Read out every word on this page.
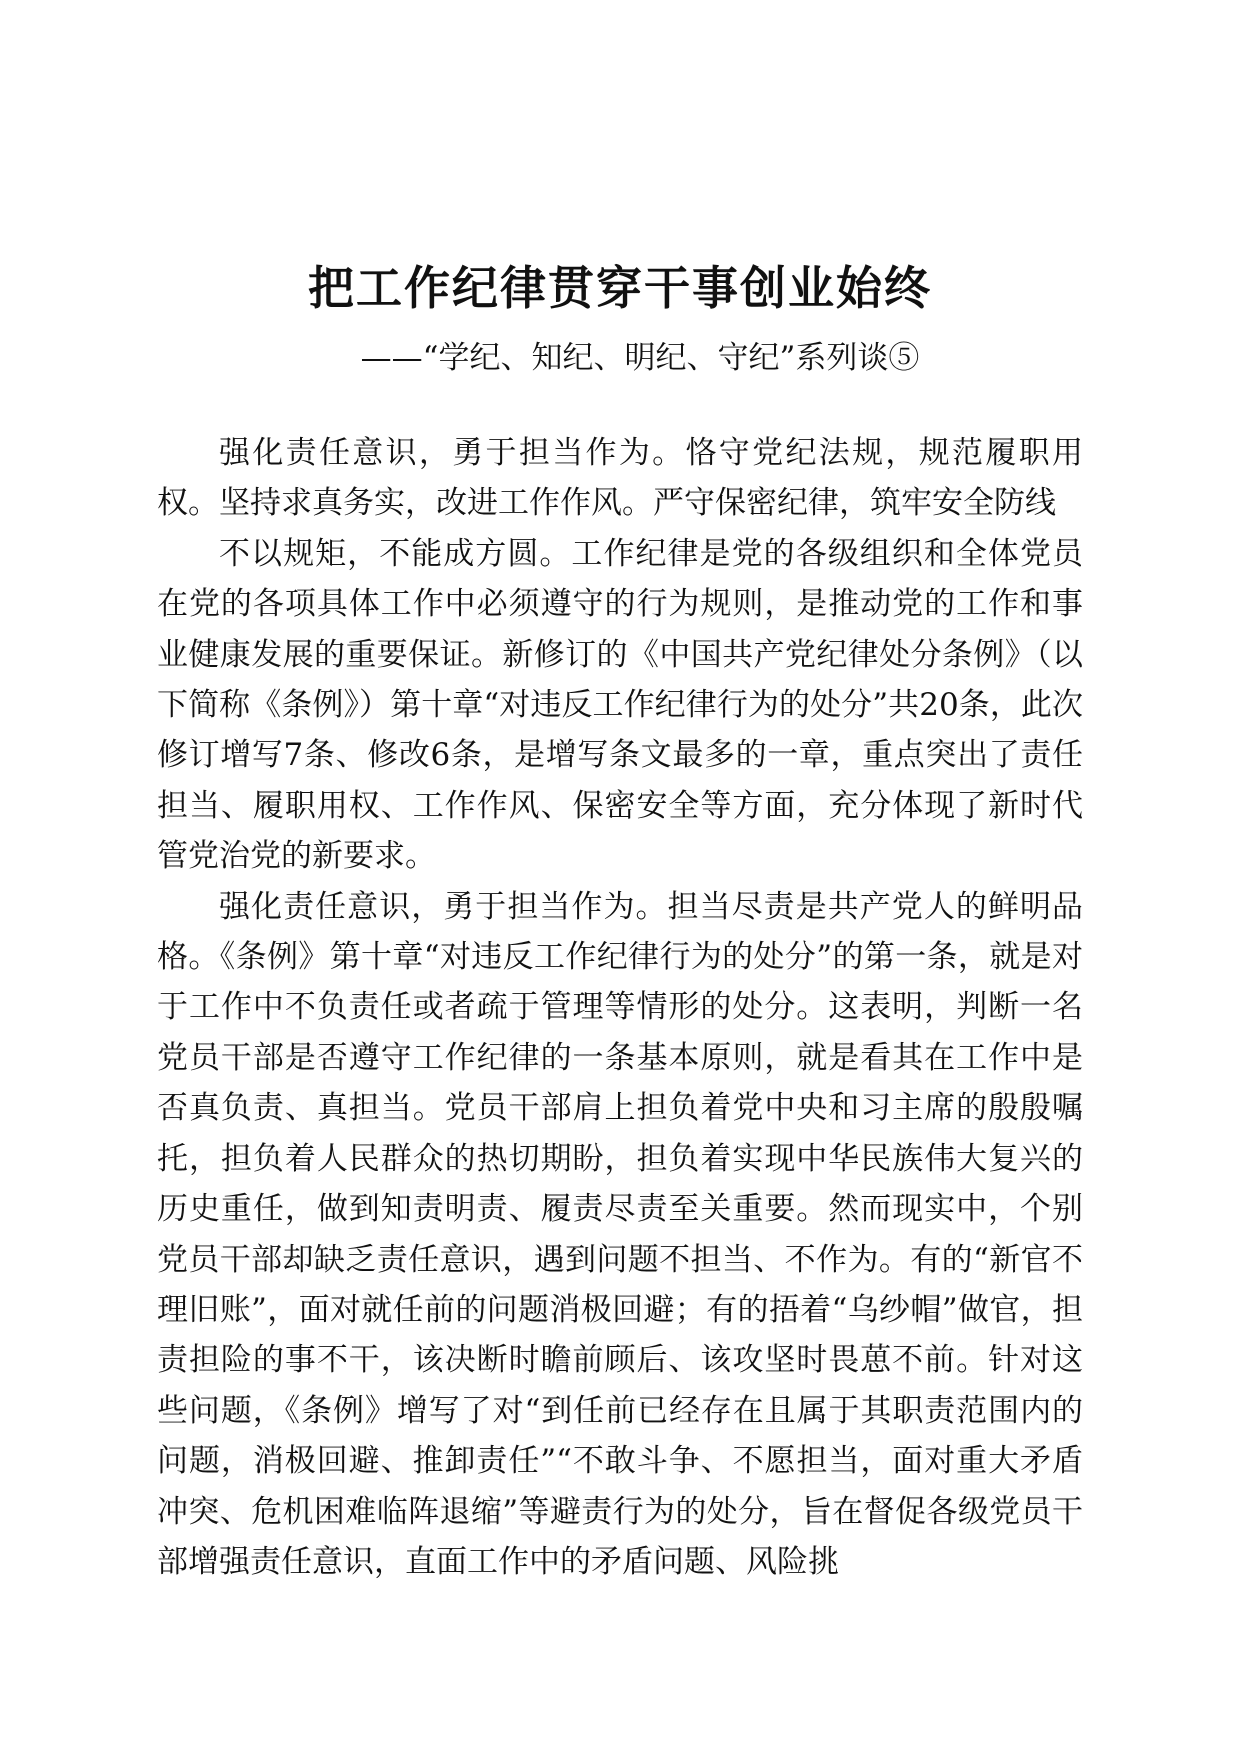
把工作纪律贯穿干事创业始终
——“学纪、知纪、明纪、守纪”系列谈⑤

强化责任意识，勇于担当作为。恪守党纪法规，规范履职用权。坚持求真务实，改进工作作风。严守保密纪律，筑牢安全防线

不以规矩，不能成方圆。工作纪律是党的各级组织和全体党员在党的各项具体工作中必须遵守的行为规则，是推动党的工作和事业健康发展的重要保证。新修订的《中国共产党纪律处分条例》（以下简称《条例》）第十章“对违反工作纪律行为的处分”共20条，此次修订增写7条、修改6条，是增写条文最多的一章，重点突出了责任担当、履职用权、工作作风、保密安全等方面，充分体现了新时代管党治党的新要求。

强化责任意识，勇于担当作为。担当尽责是共产党人的鲜明品格。《条例》第十章“对违反工作纪律行为的处分”的第一条，就是对于工作中不负责任或者疏于管理等情形的处分。这表明，判断一名党员干部是否遵守工作纪律的一条基本原则，就是看其在工作中是否真负责、真担当。党员干部肩上担负着党中央和习主席的殷殷嘱托，担负着人民群众的热切期盼，担负着实现中华民族伟大复兴的历史重任，做到知责明责、履责尽责至关重要。然而现实中，个别党员干部却缺乏责任意识，遇到问题不担当、不作为。有的“新官不理旧账”，面对就任前的问题消极回避；有的捂着“乌纱帽”做官，担责担险的事不干，该决断时瞻前顾后、该攻坚时畏葸不前。针对这些问题，《条例》增写了对“到任前已经存在且属于其职责范围内的问题，消极回避、推卸责任”“不敢斗争、不愿担当，面对重大矛盾冲突、危机困难临阵退缩”等避责行为的处分，旨在督促各级党员干部增强责任意识，直面工作中的矛盾问题、风险挑
